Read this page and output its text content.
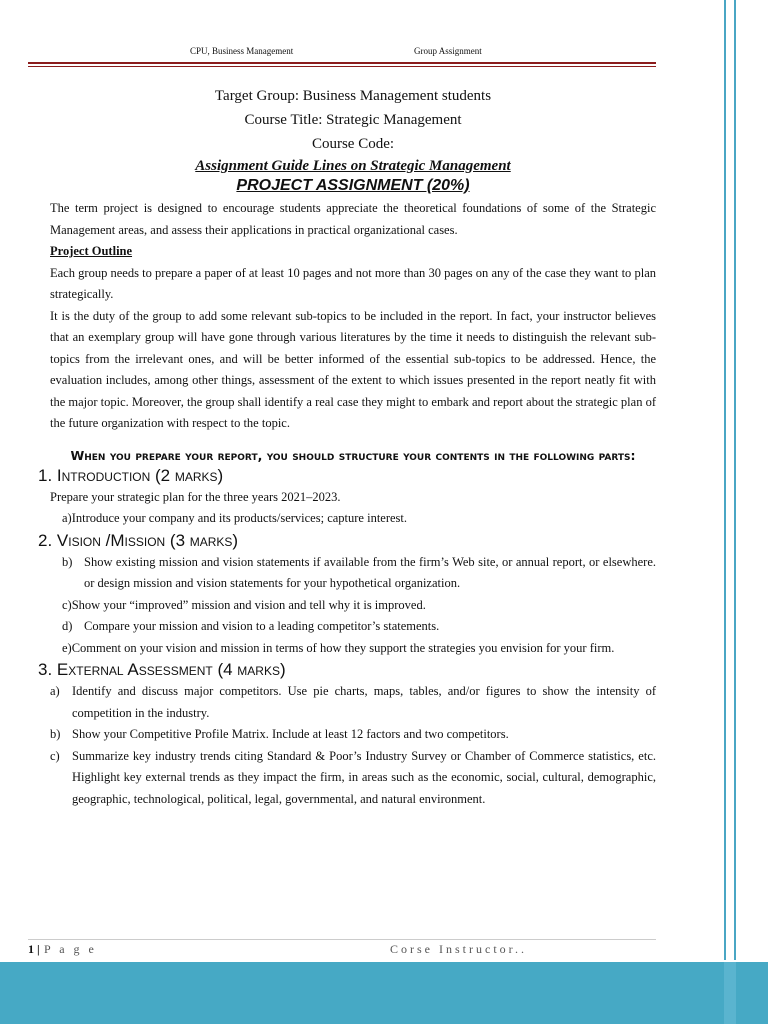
CPU, Business Management	Group Assignment
Target Group: Business Management students
Course Title: Strategic Management
Course Code:
Assignment Guide Lines on Strategic Management
PROJECT ASSIGNMENT (20%)

The term project is designed to encourage students appreciate the theoretical foundations of some of the Strategic Management areas, and assess their applications in practical organizational cases.

Project Outline

Each group needs to prepare a paper of at least 10 pages and not more than 30 pages on any of the case they want to plan strategically.

It is the duty of the group to add some relevant sub-topics to be included in the report. In fact, your instructor believes that an exemplary group will have gone through various literatures by the time it needs to distinguish the relevant sub-topics from the irrelevant ones, and will be better informed of the essential sub-topics to be addressed. Hence, the evaluation includes, among other things, assessment of the extent to which issues presented in the report neatly fit with the major topic. Moreover, the group shall identify a real case they might to embark and report about the strategic plan of the future organization with respect to the topic.

When you prepare your report, you should structure your contents in the following parts:
1. Introduction (2 marks)
Prepare your strategic plan for the three years 2021–2023.
a)Introduce your company and its products/services; capture interest.
2. Vision /Mission (3 marks)
b) Show existing mission and vision statements if available from the firm’s Web site, or annual report, or elsewhere. or design mission and vision statements for your hypothetical organization.
c)Show your “improved” mission and vision and tell why it is improved.
d) Compare your mission and vision to a leading competitor’s statements.
e)Comment on your vision and mission in terms of how they support the strategies you envision for your firm.
3. External Assessment (4 marks)
a) Identify and discuss major competitors. Use pie charts, maps, tables, and/or figures to show the intensity of competition in the industry.
b) Show your Competitive Profile Matrix. Include at least 12 factors and two competitors.
c) Summarize key industry trends citing Standard & Poor’s Industry Survey or Chamber of Commerce statistics, etc. Highlight key external trends as they impact the firm, in areas such as the economic, social, cultural, demographic, geographic, technological, political, legal, governmental, and natural environment.
1 | P a g e	Corse Instructor..
